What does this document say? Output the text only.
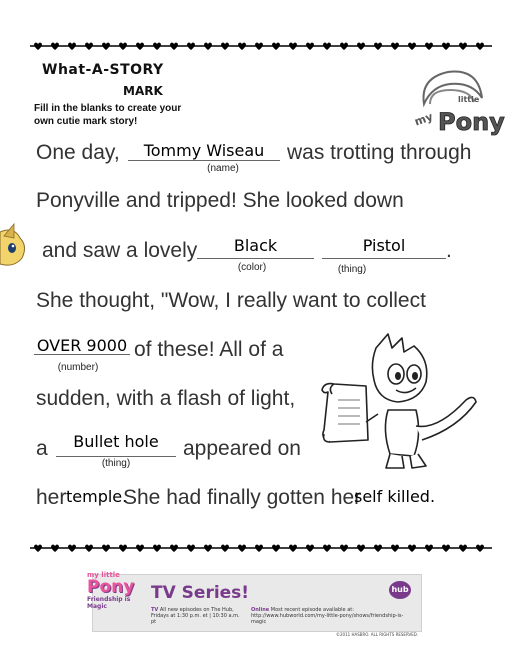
What-A-STORY
MARK
Fill in the blanks to create your own cutie mark story!	my
little
Pony
One day,	Tommy Wiseau
(name)
was trotting through
Ponyville and tripped! She looked down
and saw a lovely	Black
(color)
Pistol
(thing)
.
She thought, "Wow, I really want to collect
OVER 9000
(number)
of these! All of a
sudden, with a flash of light,
a	Bullet hole
(thing)
appeared on
her temple.
She had finally gotten her
self killed.
my little
Pony
Friendship is Magic
TV Series!	hub
TV All new episodes on The Hub, Fridays at 1:30 p.m. et | 10:30 a.m. pt
Online Most recent episode available at: http://www.hubworld.com/my-little-pony/shows/friendship-is-magic
©2011 HASBRO. ALL RIGHTS RESERVED.
